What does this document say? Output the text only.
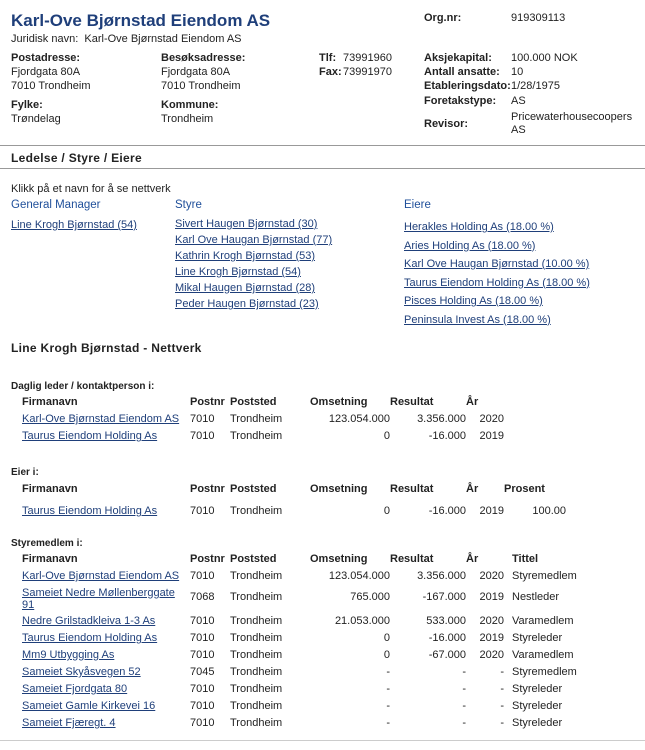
Karl-Ove Bjørnstad Eiendom AS
Juridisk navn: Karl-Ove Bjørnstad Eiendom AS
Org.nr:	919309113
Postadresse:
Fjordgata 80A
7010 Trondheim
Besøksadresse:
Fjordgata 80A
7010 Trondheim
Tlf: 73991960
Fax: 73991970
Fylke:
Trøndelag
Kommune:
Trondheim
Aksjekapital: 100.000 NOK
Antall ansatte: 10
Etableringsdato: 1/28/1975
Foretakstype: AS
Revisor:
Pricewaterhousecoopers
AS
Ledelse / Styre / Eiere
Klikk på et navn for å se nettverk
General Manager
Line Krogh Bjørnstad (54)
Styre
Sivert Haugen Bjørnstad (30)
Karl Ove Haugan Bjørnstad (77)
Kathrin Krogh Bjørnstad (53)
Line Krogh Bjørnstad (54)
Mikal Haugen Bjørnstad (28)
Peder Haugen Bjørnstad (23)
Eiere
Herakles Holding As (18.00 %)
Aries Holding As (18.00 %)
Karl Ove Haugan Bjørnstad (10.00 %)
Taurus Eiendom Holding As (18.00 %)
Pisces Holding As (18.00 %)
Peninsula Invest As (18.00 %)
Line Krogh Bjørnstad - Nettverk
Daglig leder / kontaktperson i:
Firmanavn	Postnr	Poststed	Omsetning	Resultat	År
Karl-Ove Bjørnstad Eiendom AS	7010	Trondheim	123.054.000	3.356.000	2020
Taurus Eiendom Holding As	7010	Trondheim	0	-16.000	2019
Eier i:
Firmanavn	Postnr	Poststed	Omsetning	Resultat	År	Prosent
Taurus Eiendom Holding As	7010	Trondheim	0	-16.000	2019	100.00
Styremedlem i:
Firmanavn	Postnr	Poststed	Omsetning	Resultat	År	Tittel
Karl-Ove Bjørnstad Eiendom AS	7010	Trondheim	123.054.000	3.356.000	2020	Styremedlem
Sameiet Nedre Møllenberggate 91	7068	Trondheim	765.000	-167.000	2019	Nestleder
Nedre Grilstadkleiva 1-3 As	7010	Trondheim	21.053.000	533.000	2020	Varamedlem
Taurus Eiendom Holding As	7010	Trondheim	0	-16.000	2019	Styreleder
Mm9 Utbygging As	7010	Trondheim	0	-67.000	2020	Varamedlem
Sameiet Skyåsvegen 52	7045	Trondheim	-	-	-	Styremedlem
Sameiet Fjordgata 80	7010	Trondheim	-	-	-	Styreleder
Sameiet Gamle Kirkevei 16	7010	Trondheim	-	-	-	Styreleder
Sameiet Fjæregt. 4	7010	Trondheim	-	-	-	Styreleder
